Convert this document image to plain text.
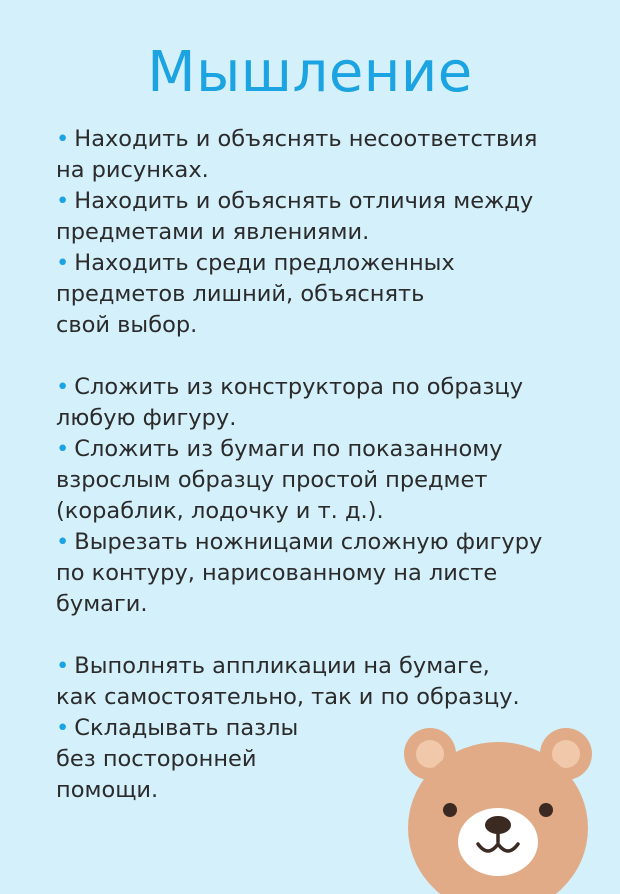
Мышление
• Находить и объяснять несоответствия
на рисунках.
• Находить и объяснять отличия между
предметами и явлениями.
• Находить среди предложенных
предметов лишний, объяснять
свой выбор.
• Сложить из конструктора по образцу
любую фигуру.
• Сложить из бумаги по показанному
взрослым образцу простой предмет
(кораблик, лодочку и т. д.).
• Вырезать ножницами сложную фигуру
по контуру, нарисованному на листе
бумаги.
• Выполнять аппликации на бумаге,
как самостоятельно, так и по образцу.
• Складывать пазлы
без посторонней
помощи.
